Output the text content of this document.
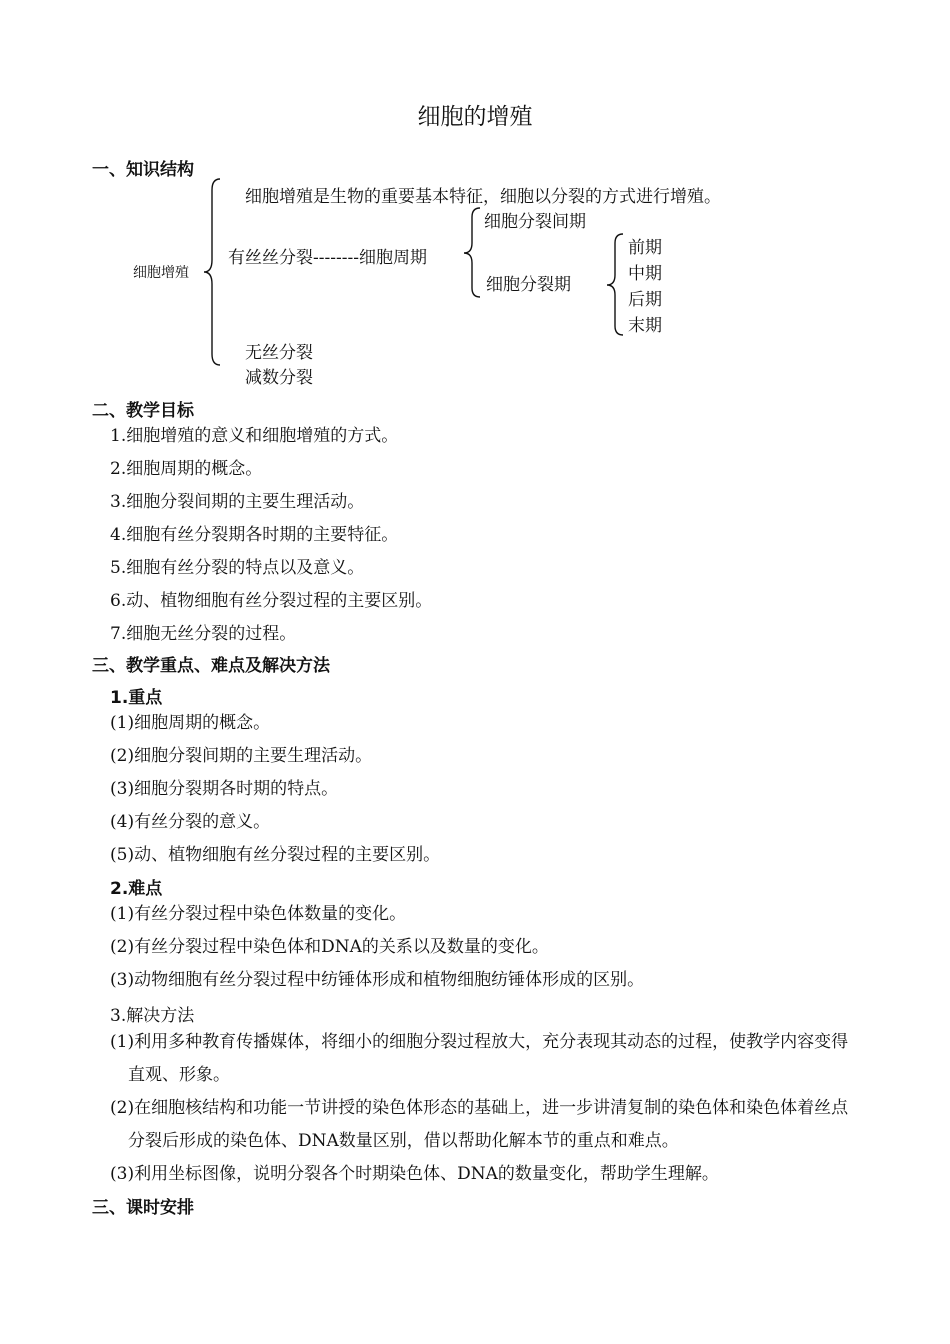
细胞的增殖
一、知识结构
细胞增殖
细胞增殖是生物的重要基本特征，细胞以分裂的方式进行增殖。
有丝丝分裂--------细胞周期
细胞分裂间期
细胞分裂期
前期
中期
后期
末期
无丝分裂
减数分裂
二、教学目标
1.细胞增殖的意义和细胞增殖的方式。
2.细胞周期的概念。
3.细胞分裂间期的主要生理活动。
4.细胞有丝分裂期各时期的主要特征。
5.细胞有丝分裂的特点以及意义。
6.动、植物细胞有丝分裂过程的主要区别。
7.细胞无丝分裂的过程。
三、教学重点、难点及解决方法
1.重点
(1)细胞周期的概念。
(2)细胞分裂间期的主要生理活动。
(3)细胞分裂期各时期的特点。
(4)有丝分裂的意义。
(5)动、植物细胞有丝分裂过程的主要区别。
2.难点
(1)有丝分裂过程中染色体数量的变化。
(2)有丝分裂过程中染色体和DNA的关系以及数量的变化。
(3)动物细胞有丝分裂过程中纺锤体形成和植物细胞纺锤体形成的区别。
3.解决方法
(1)利用多种教育传播媒体，将细小的细胞分裂过程放大，充分表现其动态的过程，使教学内容变得直观、形象。
(2)在细胞核结构和功能一节讲授的染色体形态的基础上，进一步讲清复制的染色体和染色体着丝点分裂后形成的染色体、DNA数量区别，借以帮助化解本节的重点和难点。
(3)利用坐标图像，说明分裂各个时期染色体、DNA的数量变化，帮助学生理解。
三、课时安排
